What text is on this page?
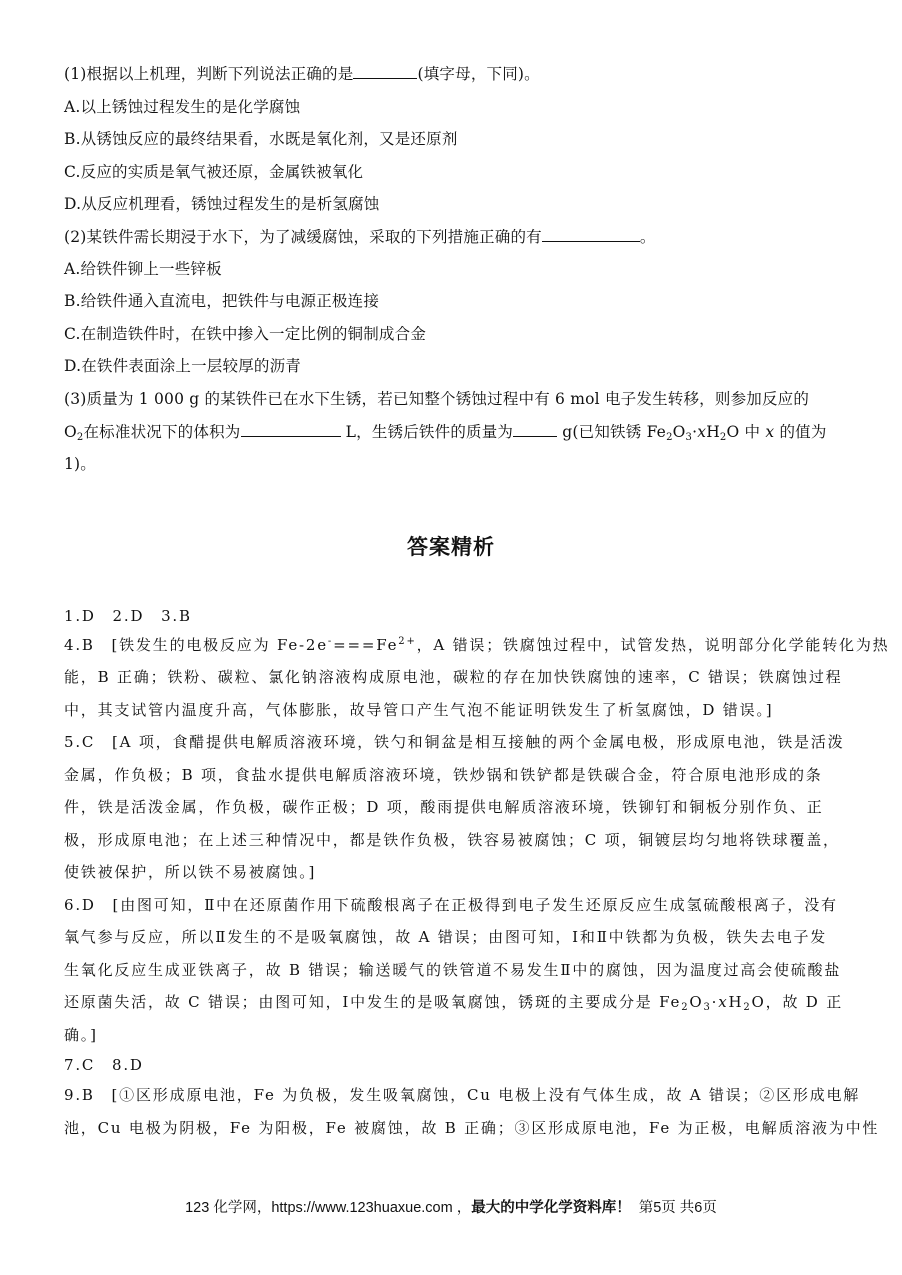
(1)根据以上机理，判断下列说法正确的是	(填字母，下同)。
A.以上锈蚀过程发生的是化学腐蚀
B.从锈蚀反应的最终结果看，水既是氧化剂，又是还原剂
C.反应的实质是氧气被还原，金属铁被氧化
D.从反应机理看，锈蚀过程发生的是析氢腐蚀
(2)某铁件需长期浸于水下，为了减缓腐蚀，采取的下列措施正确的有	。
A.给铁件铆上一些锌板
B.给铁件通入直流电，把铁件与电源正极连接
C.在制造铁件时，在铁中掺入一定比例的铜制成合金
D.在铁件表面涂上一层较厚的沥青
(3)质量为 1 000 g 的某铁件已在水下生锈，若已知整个锈蚀过程中有 6 mol 电子发生转移，则参加反应的
$O_2$在标准状况下的体积为	L，生锈后铁件的质量为	g(已知铁锈 $Fe_2O_3\cdot xH_2O$ 中 x 的值为
1)。
答案精析
1.D　2.D　3.B
4.B　[铁发生的电极反应为 $Fe-2e^-===Fe^{2+}$，A 错误；铁腐蚀过程中，试管发热，说明部分化学能转化为热
能，B 正确；铁粉、碳粒、氯化钠溶液构成原电池，碳粒的存在加快铁腐蚀的速率，C 错误；铁腐蚀过程
中，其支试管内温度升高，气体膨胀，故导管口产生气泡不能证明铁发生了析氢腐蚀，D 错误。]
5.C　[A 项，食醋提供电解质溶液环境，铁勺和铜盆是相互接触的两个金属电极，形成原电池，铁是活泼
金属，作负极；B 项，食盐水提供电解质溶液环境，铁炒锅和铁铲都是铁碳合金，符合原电池形成的条
件，铁是活泼金属，作负极，碳作正极；D 项，酸雨提供电解质溶液环境，铁铆钉和铜板分别作负、正
极，形成原电池；在上述三种情况中，都是铁作负极，铁容易被腐蚀；C 项，铜镀层均匀地将铁球覆盖，
使铁被保护，所以铁不易被腐蚀。]
6.D　[由图可知，Ⅱ中在还原菌作用下硫酸根离子在正极得到电子发生还原反应生成氢硫酸根离子，没有
氧气参与反应，所以Ⅱ发生的不是吸氧腐蚀，故 A 错误；由图可知，Ⅰ和Ⅱ中铁都为负极，铁失去电子发
生氧化反应生成亚铁离子，故 B 错误；输送暖气的铁管道不易发生Ⅱ中的腐蚀，因为温度过高会使硫酸盐
还原菌失活，故 C 错误；由图可知，Ⅰ中发生的是吸氧腐蚀，锈斑的主要成分是 $Fe_2O_3\cdot xH_2O$，故 D 正
确。]
7.C　8.D
9.B　[①区形成原电池，Fe 为负极，发生吸氧腐蚀，Cu 电极上没有气体生成，故 A 错误；②区形成电解
池，Cu 电极为阴极，Fe 为阳极，Fe 被腐蚀，故 B 正确；③区形成原电池，Fe 为正极，电解质溶液为中性
123 化学网，https://www.123huaxue.com ，最大的中学化学资料库！ 第5页 共6页
